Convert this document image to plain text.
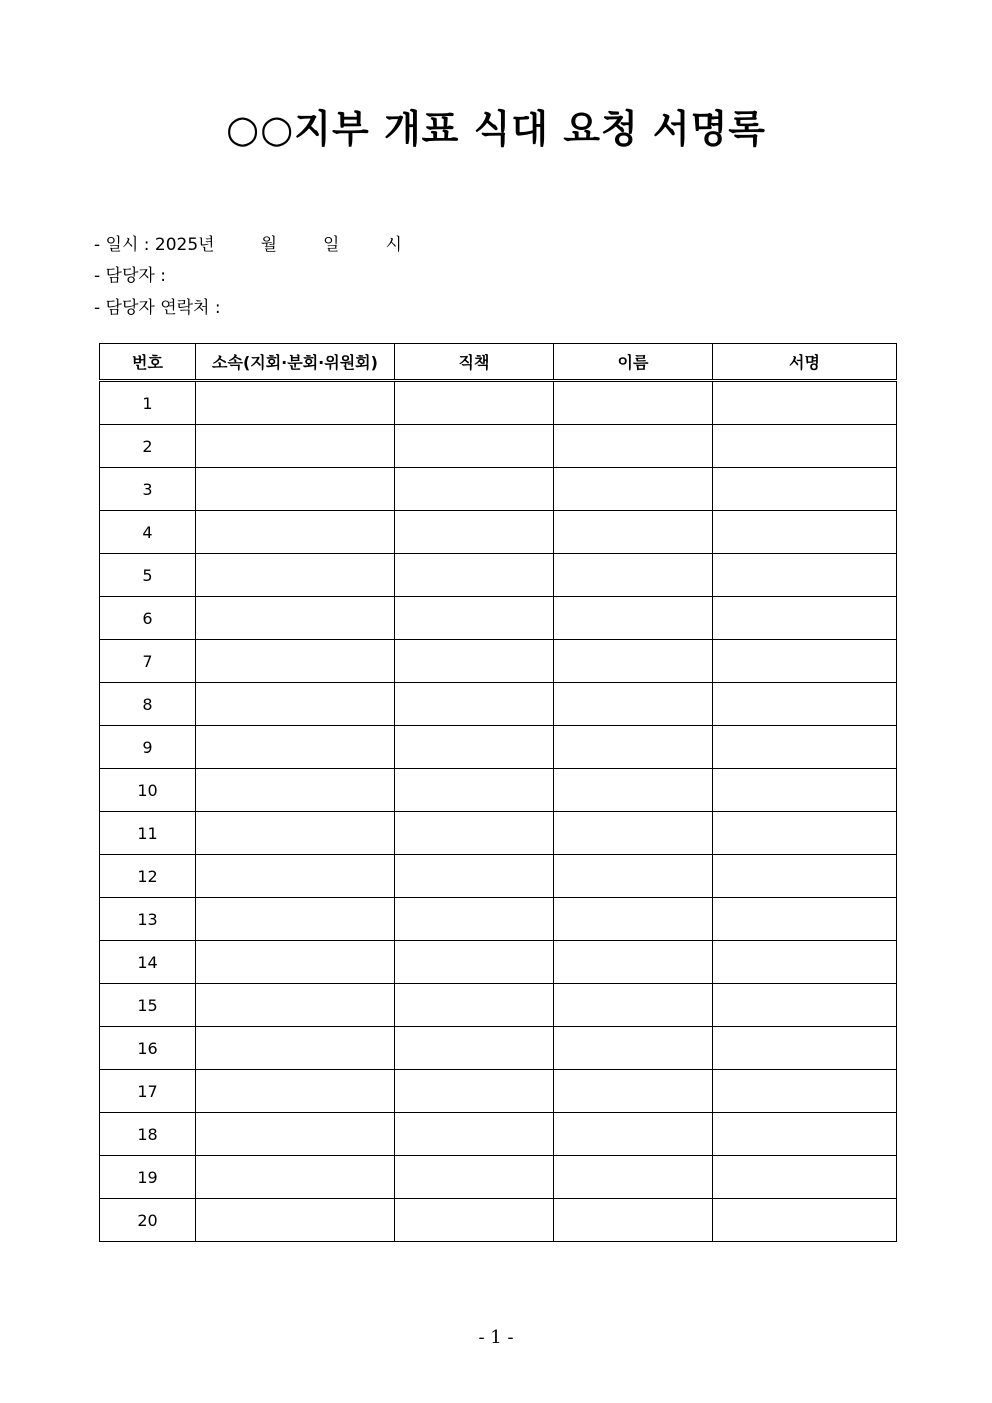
○○지부 개표 식대 요청 서명록
- 일시 : 2025년	월	일	시
- 담당자 :
- 담당자 연락처 :
번호	소속(지회·분회·위원회)	직책	이름	서명
1				
2				
3				
4				
5				
6				
7				
8				
9				
10				
11				
12				
13				
14				
15				
16				
17				
18				
19				
20				
- 1 -
